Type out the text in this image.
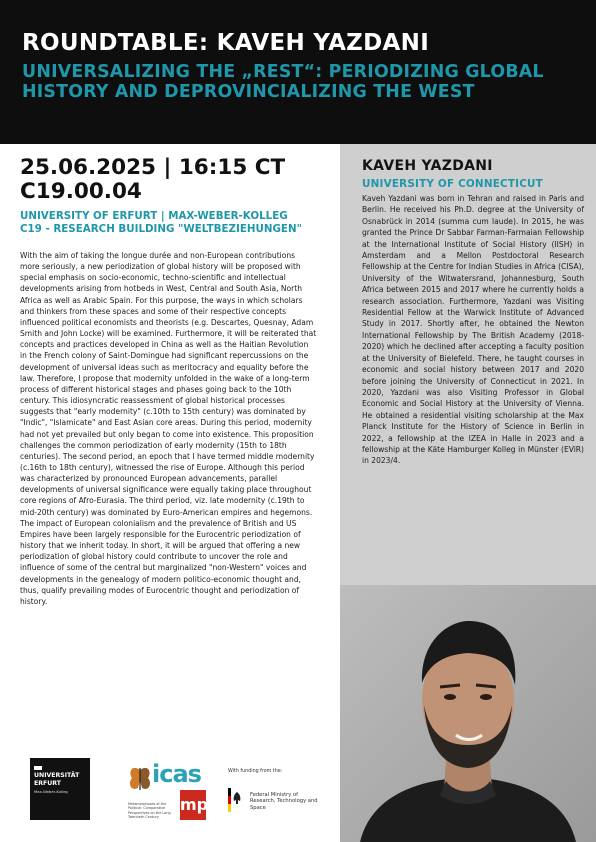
ROUNDTABLE: KAVEH YAZDANI
UNIVERSALIZING THE „REST“: PERIODIZING GLOBAL
HISTORY AND DEPROVINCIALIZING THE WEST
25.06.2025 | 16:15 CT
C19.00.04
UNIVERSITY OF ERFURT | MAX-WEBER-KOLLEG
C19 - RESEARCH BUILDING "WELTBEZIEHUNGEN"
With the aim of taking the longue durée and non-European contributions more seriously, a new periodization of global history will be proposed with special emphasis on socio-economic, techno-scientific and intellectual developments arising from hotbeds in West, Central and South Asia, North Africa as well as Arabic Spain. For this purpose, the ways in which scholars and thinkers from these spaces and some of their respective concepts influenced political economists and theorists (e.g. Descartes, Quesnay, Adam Smith and John Locke) will be examined. Furthermore, it will be reiterated that concepts and practices developed in China as well as the Haitian Revolution in the French colony of Saint-Domingue had significant repercussions on the development of universal ideas such as meritocracy and equality before the law. Therefore, I propose that modernity unfolded in the wake of a long-term process of different historical stages and phases going back to the 10th century. This idiosyncratic reassessment of global historical processes suggests that "early modernity" (c.10th to 15th century) was dominated by "Indic", "Islamicate" and East Asian core areas. During this period, modernity had not yet prevailed but only began to come into existence. This proposition challenges the common periodization of early modernity (15th to 18th centuries). The second period, an epoch that I have termed middle modernity (c.16th to 18th century), witnessed the rise of Europe. Although this period was characterized by pronounced European advancements, parallel developments of universal significance were equally taking place throughout core regions of Afro-Eurasia. The third period, viz. late modernity (c.19th to mid-20th century) was dominated by Euro-American empires and hegemons. The impact of European colonialism and the prevalence of British and US Empires have been largely responsible for the Eurocentric periodization of history that we inherit today. In short, it will be argued that offering a new periodization of global history could contribute to uncover the role and influence of some of the central but marginalized "non-Western" voices and developments in the genealogy of modern politico-economic thought and, thus, qualify prevailing modes of Eurocentric thought and periodization of history.
KAVEH YAZDANI
UNIVERSITY OF CONNECTICUT
Kaveh Yazdani was born in Tehran and raised in Paris and Berlin. He received his Ph.D. degree at the University of Osnabrück in 2014 (summa cum laude). In 2015, he was granted the Prince Dr Sabbar Farman-Farmaian Fellowship at the International Institute of Social History (IISH) in Amsterdam and a Mellon Postdoctoral Research Fellowship at the Centre for Indian Studies in Africa (CISA), University of the Witwatersrand, Johannesburg, South Africa between 2015 and 2017 where he currently holds a research association. Furthermore, Yazdani was Visiting Residential Fellow at the Warwick Institute of Advanced Study in 2017. Shortly after, he obtained the Newton International Fellowship by The British Academy (2018-2020) which he declined after accepting a faculty position at the University of Bielefeld. There, he taught courses in economic and social history between 2017 and 2020 before joining the University of Connecticut in 2021. In 2020, Yazdani was also Visiting Professor in Global Economic and Social History at the University of Vienna. He obtained a residential visiting scholarship at the Max Planck Institute for the History of Science in Berlin in 2022, a fellowship at the IZEA in Halle in 2023 and a fellowship at the Käte Hamburger Kolleg in Münster (EViR) in 2023/4.
UNIVERSITÄT
ERFURT
Max-Weber-Kolleg
icas
mp
Metamorphoses of the Political: Comparative Perspectives on the Long Twentieth Century
With funding from the:
Federal Ministry of Research, Technology and Space
